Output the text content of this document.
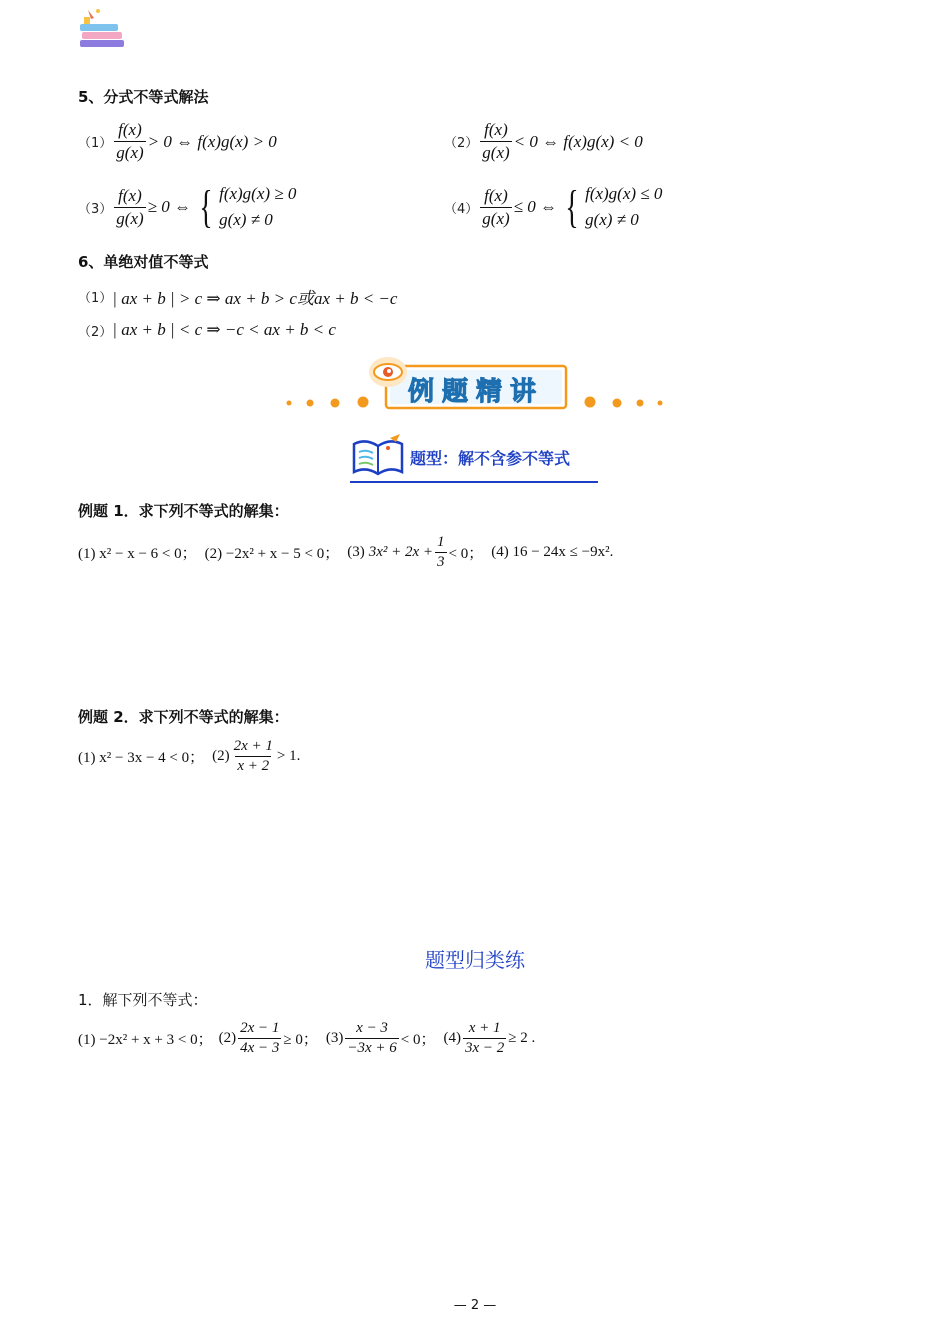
5、分式不等式解法
$(1) \frac{f(x)}{g(x)} > 0$ ⇔ f(x)g(x) > 0	$(2) \frac{f(x)}{g(x)} < 0$ ⇔ f(x)g(x) < 0
$(3) \frac{f(x)}{g(x)} \ge 0$ ⇔ { f(x)g(x) ≥ 0
g(x) ≠ 0
$(4) \frac{f(x)}{g(x)} \le 0$ ⇔ { f(x)g(x) ≤ 0
g(x) ≠ 0
6、单绝对值不等式
（1） | ax + b | > c ⇒ ax + b > c或ax + b < −c
（2） | ax + b | < c ⇒ −c < ax + b < c
例题精讲
题型：解不含参不等式
例题 1．求下列不等式的解集：
(1) x² − x − 6 < 0； (2) −2x² + x − 5 < 0； (3) $3x^2 + 2x + \frac{1}{3} < 0$； (4) 16 − 24x ≤ −9x².
例题 2．求下列不等式的解集：
(1) x² − 3x − 4 < 0； $(2) \frac{2x + 1}{x + 2} > 1$.
题型归类练
1．解下列不等式：
(1) −2x² + x + 3 < 0； $(2) \frac{2x - 1}{4x - 3} \ge 0$； $(3) \frac{x - 3}{-3x + 6} < 0$； $(4) \frac{x + 1}{3x - 2} \ge 2$ .
— 2 —
